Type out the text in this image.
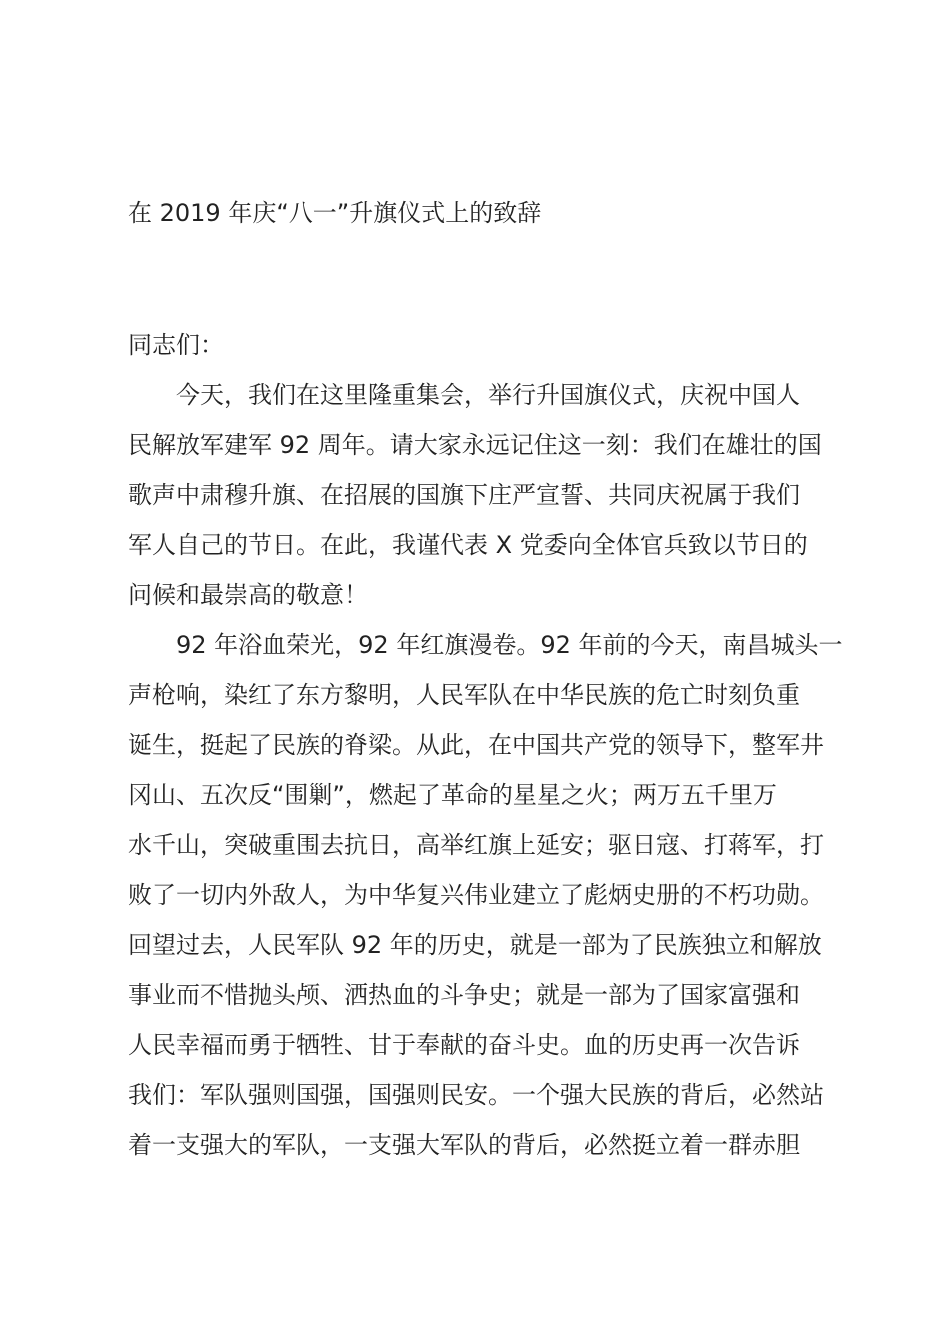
在 2019 年庆“八一”升旗仪式上的致辞

同志们：

今天，我们在这里隆重集会，举行升国旗仪式，庆祝中国人
民解放军建军 92 周年。请大家永远记住这一刻：我们在雄壮的国
歌声中肃穆升旗、在招展的国旗下庄严宣誓、共同庆祝属于我们
军人自己的节日。在此，我谨代表 X 党委向全体官兵致以节日的
问候和最崇高的敬意！

92 年浴血荣光，92 年红旗漫卷。92 年前的今天，南昌城头一
声枪响，染红了东方黎明，人民军队在中华民族的危亡时刻负重
诞生，挺起了民族的脊梁。从此，在中国共产党的领导下，整军井
冈山、五次反“围剿”，燃起了革命的星星之火；两万五千里万
水千山，突破重围去抗日，高举红旗上延安；驱日寇、打蒋军，打
败了一切内外敌人，为中华复兴伟业建立了彪炳史册的不朽功勋。
回望过去，人民军队 92 年的历史，就是一部为了民族独立和解放
事业而不惜抛头颅、洒热血的斗争史；就是一部为了国家富强和
人民幸福而勇于牺牲、甘于奉献的奋斗史。血的历史再一次告诉
我们：军队强则国强，国强则民安。一个强大民族的背后，必然站
着一支强大的军队，一支强大军队的背后，必然挺立着一群赤胆
